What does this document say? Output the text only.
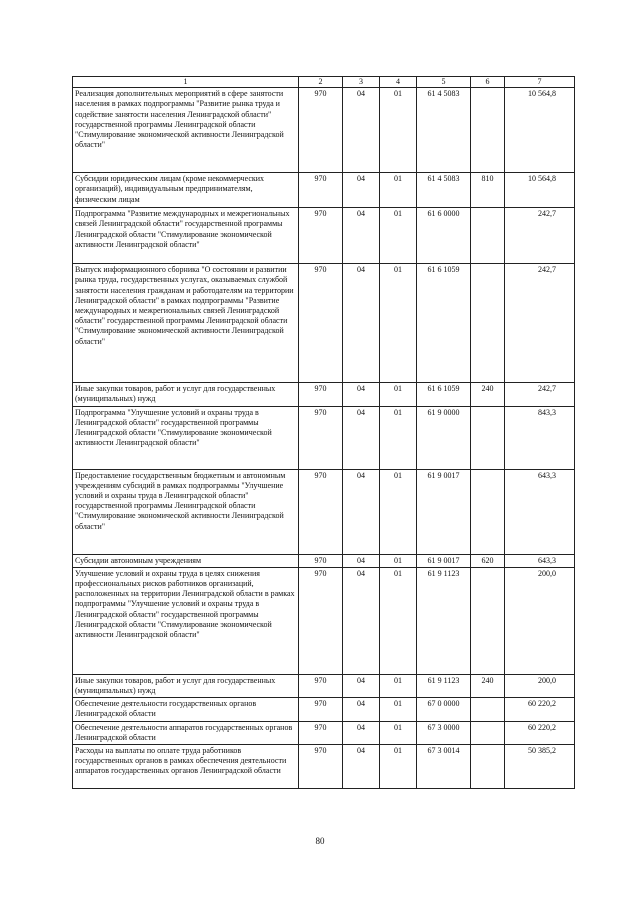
1	2	3	4	5	6	7
Реализация дополнительных мероприятий в сфере занятости населения в рамках подпрограммы "Развитие рынка труда и содействие занятости населения Ленинградской области" государственной программы Ленинградской области "Стимулирование экономической активности Ленинградской области"	970	04	01	61 4 5083		10 564,8
Субсидии юридическим лицам (кроме некоммерческих организаций), индивидуальным предпринимателям, физическим лицам	970	04	01	61 4 5083	810	10 564,8
Подпрограмма "Развитие международных и межрегиональных связей Ленинградской области" государственной программы Ленинградской области "Стимулирование экономической активности Ленинградской области"	970	04	01	61 6 0000		242,7
Выпуск информационного сборника "О состоянии и развитии рынка труда, государственных услугах, оказываемых службой занятости населения гражданам и работодателям на территории Ленинградской области" в рамках подпрограммы "Развитие международных и межрегиональных связей Ленинградской области" государственной программы Ленинградской области "Стимулирование экономической активности Ленинградской области"	970	04	01	61 6 1059		242,7
Иные закупки товаров, работ и услуг для государственных (муниципальных) нужд	970	04	01	61 6 1059	240	242,7
Подпрограмма "Улучшение условий и охраны труда в Ленинградской области" государственной программы Ленинградской области "Стимулирование экономической активности Ленинградской области"	970	04	01	61 9 0000		843,3
Предоставление государственным бюджетным и автономным учреждениям субсидий в рамках подпрограммы "Улучшение условий и охраны труда в Ленинградской области" государственной программы Ленинградской области "Стимулирование экономической активности Ленинградской области"	970	04	01	61 9 0017		643,3
Субсидии автономным учреждениям	970	04	01	61 9 0017	620	643,3
Улучшение условий и охраны труда в целях снижения профессиональных рисков работников организаций, расположенных на территории Ленинградской области в рамках подпрограммы "Улучшение условий и охраны труда в Ленинградской области" государственной программы Ленинградской области "Стимулирование экономической активности Ленинградской области"	970	04	01	61 9 1123		200,0
Иные закупки товаров, работ и услуг для государственных (муниципальных) нужд	970	04	01	61 9 1123	240	200,0
Обеспечение деятельности государственных органов Ленинградской области	970	04	01	67 0 0000		60 220,2
Обеспечение деятельности аппаратов государственных органов Ленинградской области	970	04	01	67 3 0000		60 220,2
Расходы на выплаты по оплате труда работников государственных органов в рамках обеспечения деятельности аппаратов государственных органов Ленинградской области	970	04	01	67 3 0014		50 385,2
80
